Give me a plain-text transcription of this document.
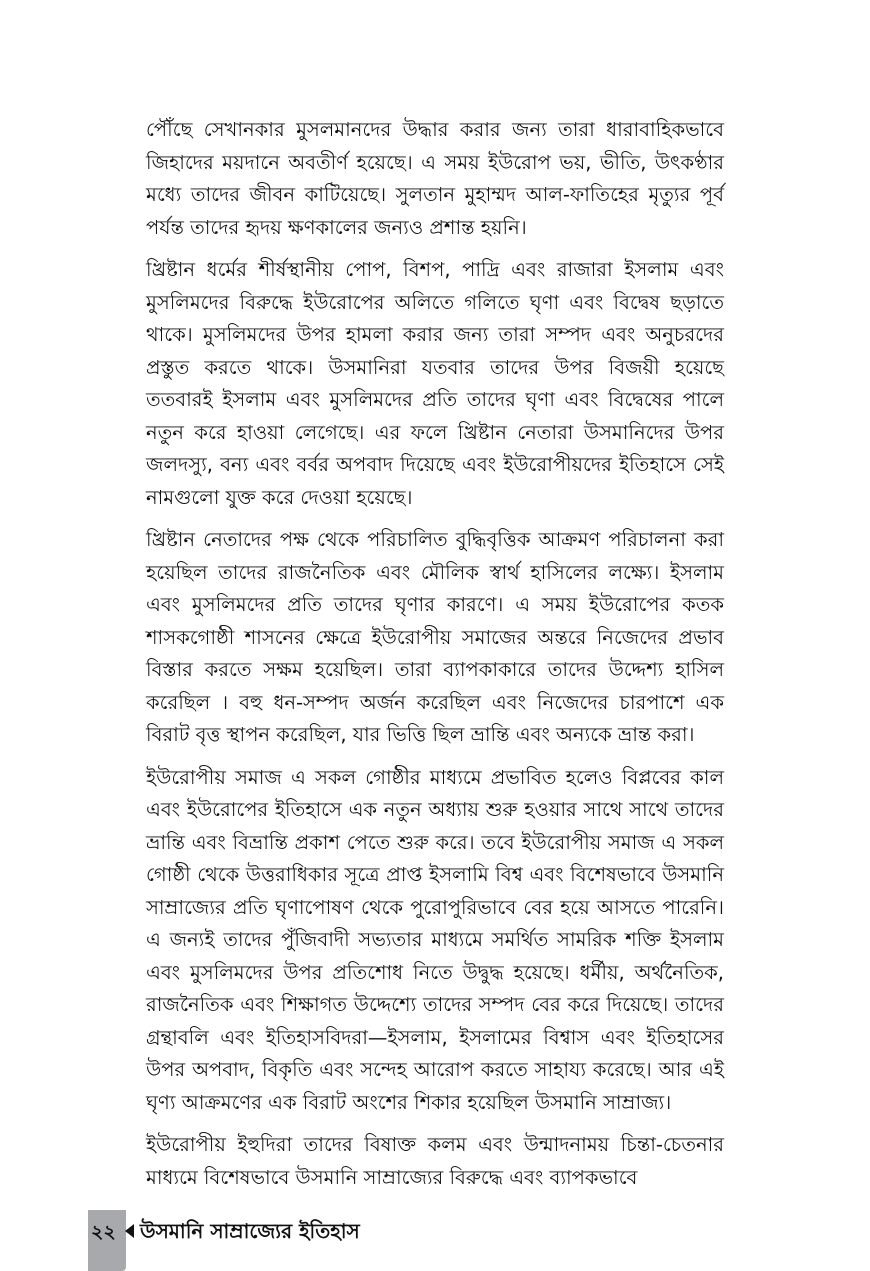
পৌঁছে সেখানকার মুসলমানদের উদ্ধার করার জন্য তারা ধারাবাহিকভাবে জিহাদের ময়দানে অবতীর্ণ হয়েছে। এ সময় ইউরোপ ভয়, ভীতি, উৎকণ্ঠার মধ্যে তাদের জীবন কাটিয়েছে। সুলতান মুহাম্মদ আল-ফাতিহের মৃত্যুর পূর্ব পর্যন্ত তাদের হৃদয় ক্ষণকালের জন্যও প্রশান্ত হয়নি।

খ্রিষ্টান ধর্মের শীর্ষস্থানীয় পোপ, বিশপ, পাদ্রি এবং রাজারা ইসলাম এবং মুসলিমদের বিরুদ্ধে ইউরোপের অলিতে গলিতে ঘৃণা এবং বিদ্বেষ ছড়াতে থাকে। মুসলিমদের উপর হামলা করার জন্য তারা সম্পদ এবং অনুচরদের প্রস্তুত করতে থাকে। উসমানিরা যতবার তাদের উপর বিজয়ী হয়েছে ততবারই ইসলাম এবং মুসলিমদের প্রতি তাদের ঘৃণা এবং বিদ্বেষের পালে নতুন করে হাওয়া লেগেছে। এর ফলে খ্রিষ্টান নেতারা উসমানিদের উপর জলদস্যু, বন্য এবং বর্বর অপবাদ দিয়েছে এবং ইউরোপীয়দের ইতিহাসে সেই নামগুলো যুক্ত করে দেওয়া হয়েছে।

খ্রিষ্টান নেতাদের পক্ষ থেকে পরিচালিত বুদ্ধিবৃত্তিক আক্রমণ পরিচালনা করা হয়েছিল তাদের রাজনৈতিক এবং মৌলিক স্বার্থ হাসিলের লক্ষ্যে। ইসলাম এবং মুসলিমদের প্রতি তাদের ঘৃণার কারণে। এ সময় ইউরোপের কতক শাসকগোষ্ঠী শাসনের ক্ষেত্রে ইউরোপীয় সমাজের অন্তরে নিজেদের প্রভাব বিস্তার করতে সক্ষম হয়েছিল। তারা ব্যাপকাকারে তাদের উদ্দেশ্য হাসিল করেছিল । বহু ধন-সম্পদ অর্জন করেছিল এবং নিজেদের চারপাশে এক বিরাট বৃত্ত স্থাপন করেছিল, যার ভিত্তি ছিল ভ্রান্তি এবং অন্যকে ভ্রান্ত করা।

ইউরোপীয় সমাজ এ সকল গোষ্ঠীর মাধ্যমে প্রভাবিত হলেও বিপ্লবের কাল এবং ইউরোপের ইতিহাসে এক নতুন অধ্যায় শুরু হওয়ার সাথে সাথে তাদের ভ্রান্তি এবং বিভ্রান্তি প্রকাশ পেতে শুরু করে। তবে ইউরোপীয় সমাজ এ সকল গোষ্ঠী থেকে উত্তরাধিকার সূত্রে প্রাপ্ত ইসলামি বিশ্ব এবং বিশেষভাবে উসমানি সাম্রাজ্যের প্রতি ঘৃণাপোষণ থেকে পুরোপুরিভাবে বের হয়ে আসতে পারেনি। এ জন্যই তাদের পুঁজিবাদী সভ্যতার মাধ্যমে সমর্থিত সামরিক শক্তি ইসলাম এবং মুসলিমদের উপর প্রতিশোধ নিতে উদ্বুদ্ধ হয়েছে। ধর্মীয়, অর্থনৈতিক, রাজনৈতিক এবং শিক্ষাগত উদ্দেশ্যে তাদের সম্পদ বের করে দিয়েছে। তাদের গ্রন্থাবলি এবং ইতিহাসবিদরা—ইসলাম, ইসলামের বিশ্বাস এবং ইতিহাসের উপর অপবাদ, বিকৃতি এবং সন্দেহ আরোপ করতে সাহায্য করেছে। আর এই ঘৃণ্য আক্রমণের এক বিরাট অংশের শিকার হয়েছিল উসমানি সাম্রাজ্য।

ইউরোপীয় ইহুদিরা তাদের বিষাক্ত কলম এবং উন্মাদনাময় চিন্তা-চেতনার মাধ্যমে বিশেষভাবে উসমানি সাম্রাজ্যের বিরুদ্ধে এবং ব্যাপকভাবে

২২ উসমানি সাম্রাজ্যের ইতিহাস
